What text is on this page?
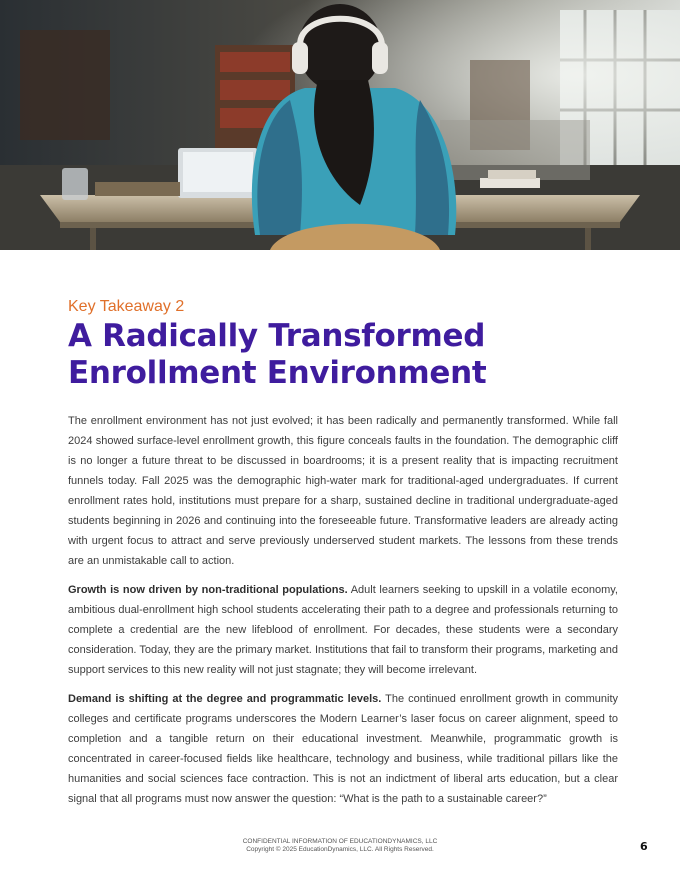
Key Takeaway 2
A Radically Transformed
Enrollment Environment

The enrollment environment has not just evolved; it has been radically and permanently transformed. While fall 2024 showed surface-level enrollment growth, this figure conceals faults in the foundation. The demographic cliff is no longer a future threat to be discussed in boardrooms; it is a present reality that is impacting recruitment funnels today. Fall 2025 was the demographic high-water mark for traditional-aged undergraduates. If current enrollment rates hold, institutions must prepare for a sharp, sustained decline in traditional undergraduate-aged students beginning in 2026 and continuing into the foreseeable future. Transformative leaders are already acting with urgent focus to attract and serve previously underserved student markets. The lessons from these trends are an unmistakable call to action.

Growth is now driven by non-traditional populations. Adult learners seeking to upskill in a volatile economy, ambitious dual-enrollment high school students accelerating their path to a degree and professionals returning to complete a credential are the new lifeblood of enrollment. For decades, these students were a secondary consideration. Today, they are the primary market. Institutions that fail to transform their programs, marketing and support services to this new reality will not just stagnate; they will become irrelevant.

Demand is shifting at the degree and programmatic levels. The continued enrollment growth in community colleges and certificate programs underscores the Modern Learner’s laser focus on career alignment, speed to completion and a tangible return on their educational investment. Meanwhile, programmatic growth is concentrated in career-focused fields like healthcare, technology and business, while traditional pillars like the humanities and social sciences face contraction. This is not an indictment of liberal arts education, but a clear signal that all programs must now answer the question: “What is the path to a sustainable career?”

CONFIDENTIAL INFORMATION OF EDUCATIONDYNAMICS, LLC
Copyright © 2025 EducationDynamics, LLC. All Rights Reserved.	6
